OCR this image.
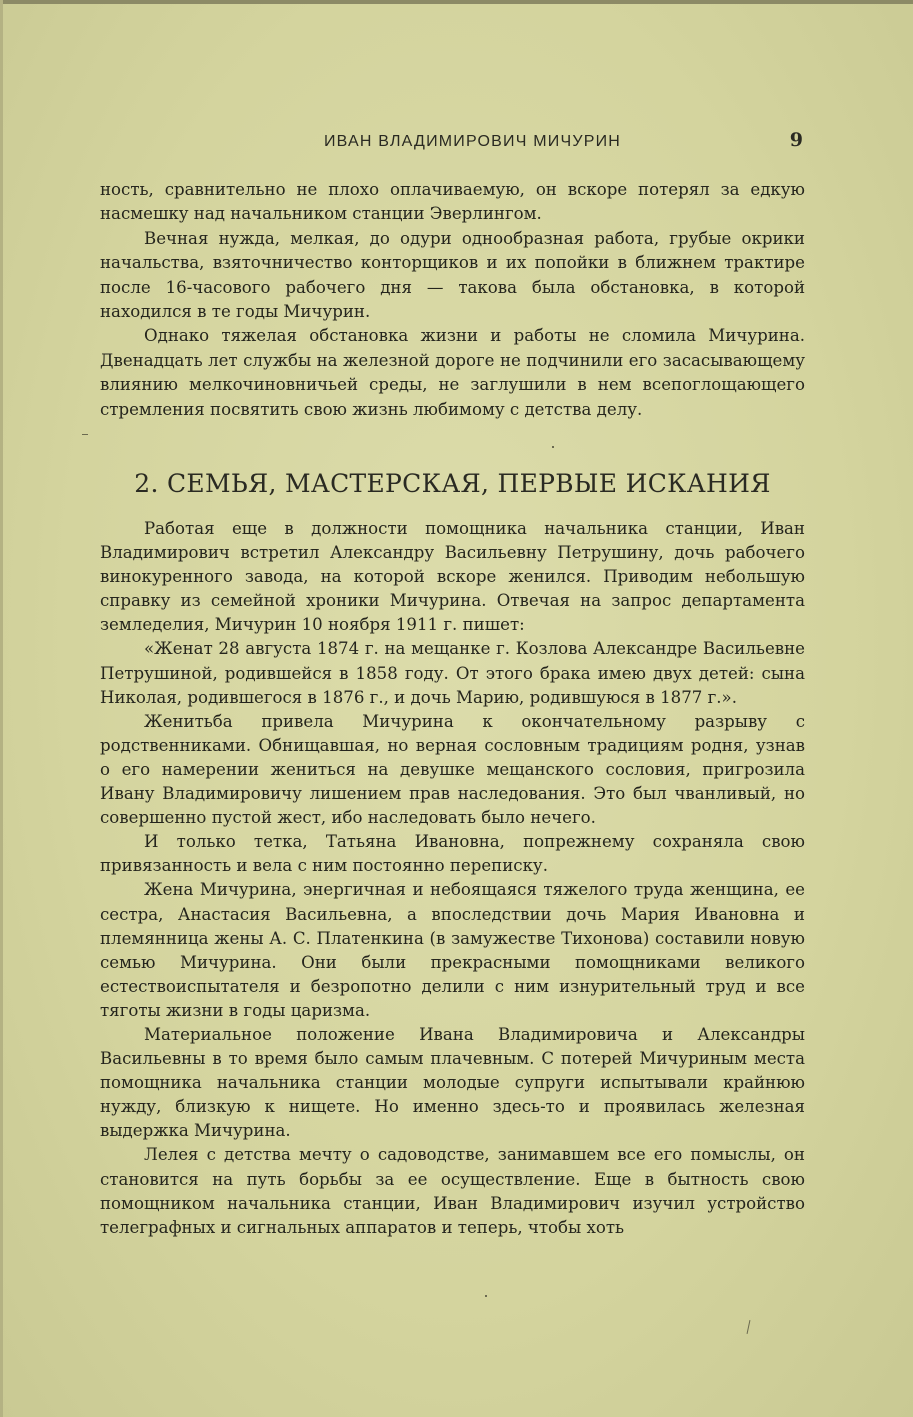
ИВАН ВЛАДИМИРОВИЧ МИЧУРИН	9

ность, сравнительно не плохо оплачиваемую, он вскоре потерял за едкую насмешку над начальником станции Эверлингом.

Вечная нужда, мелкая, до одури однообразная работа, грубые окрики начальства, взяточничество конторщиков и их попойки в ближнем трактире после 16-часового рабочего дня — такова была обстановка, в которой находился в те годы Мичурин.

Однако тяжелая обстановка жизни и работы не сломила Мичурина. Двенадцать лет службы на железной дороге не подчинили его засасывающему влиянию мелкочиновничьей среды, не заглушили в нем всепоглощающего стремления посвятить свою жизнь любимому с детства делу.

2. СЕМЬЯ, МАСТЕРСКАЯ, ПЕРВЫЕ ИСКАНИЯ

Работая еще в должности помощника начальника станции, Иван Владимирович встретил Александру Васильевну Петрушину, дочь рабочего винокуренного завода, на которой вскоре женился. Приводим небольшую справку из семейной хроники Мичурина. Отвечая на запрос департамента земледелия, Мичурин 10 ноября 1911 г. пишет:

«Женат 28 августа 1874 г. на мещанке г. Козлова Александре Васильевне Петрушиной, родившейся в 1858 году. От этого брака имею двух детей: сына Николая, родившегося в 1876 г., и дочь Марию, родившуюся в 1877 г.».

Женитьба привела Мичурина к окончательному разрыву с родственниками. Обнищавшая, но верная сословным традициям родня, узнав о его намерении жениться на девушке мещанского сословия, пригрозила Ивану Владимировичу лишением прав наследования. Это был чванливый, но совершенно пустой жест, ибо наследовать было нечего.

И только тетка, Татьяна Ивановна, попрежнему сохраняла свою привязанность и вела с ним постоянно переписку.

Жена Мичурина, энергичная и небоящаяся тяжелого труда женщина, ее сестра, Анастасия Васильевна, а впоследствии дочь Мария Ивановна и племянница жены А. С. Платенкина (в замужестве Тихонова) составили новую семью Мичурина. Они были прекрасными помощниками великого естествоиспытателя и безропотно делили с ним изнурительный труд и все тяготы жизни в годы царизма.

Материальное положение Ивана Владимировича и Александры Васильевны в то время было самым плачевным. С потерей Мичуриным места помощника начальника станции молодые супруги испытывали крайнюю нужду, близкую к нищете. Но именно здесь-то и проявилась железная выдержка Мичурина.

Лелея с детства мечту о садоводстве, занимавшем все его помыслы, он становится на путь борьбы за ее осуществление. Еще в бытность свою помощником начальника станции, Иван Владимирович изучил устройство телеграфных и сигнальных аппаратов и теперь, чтобы хоть
